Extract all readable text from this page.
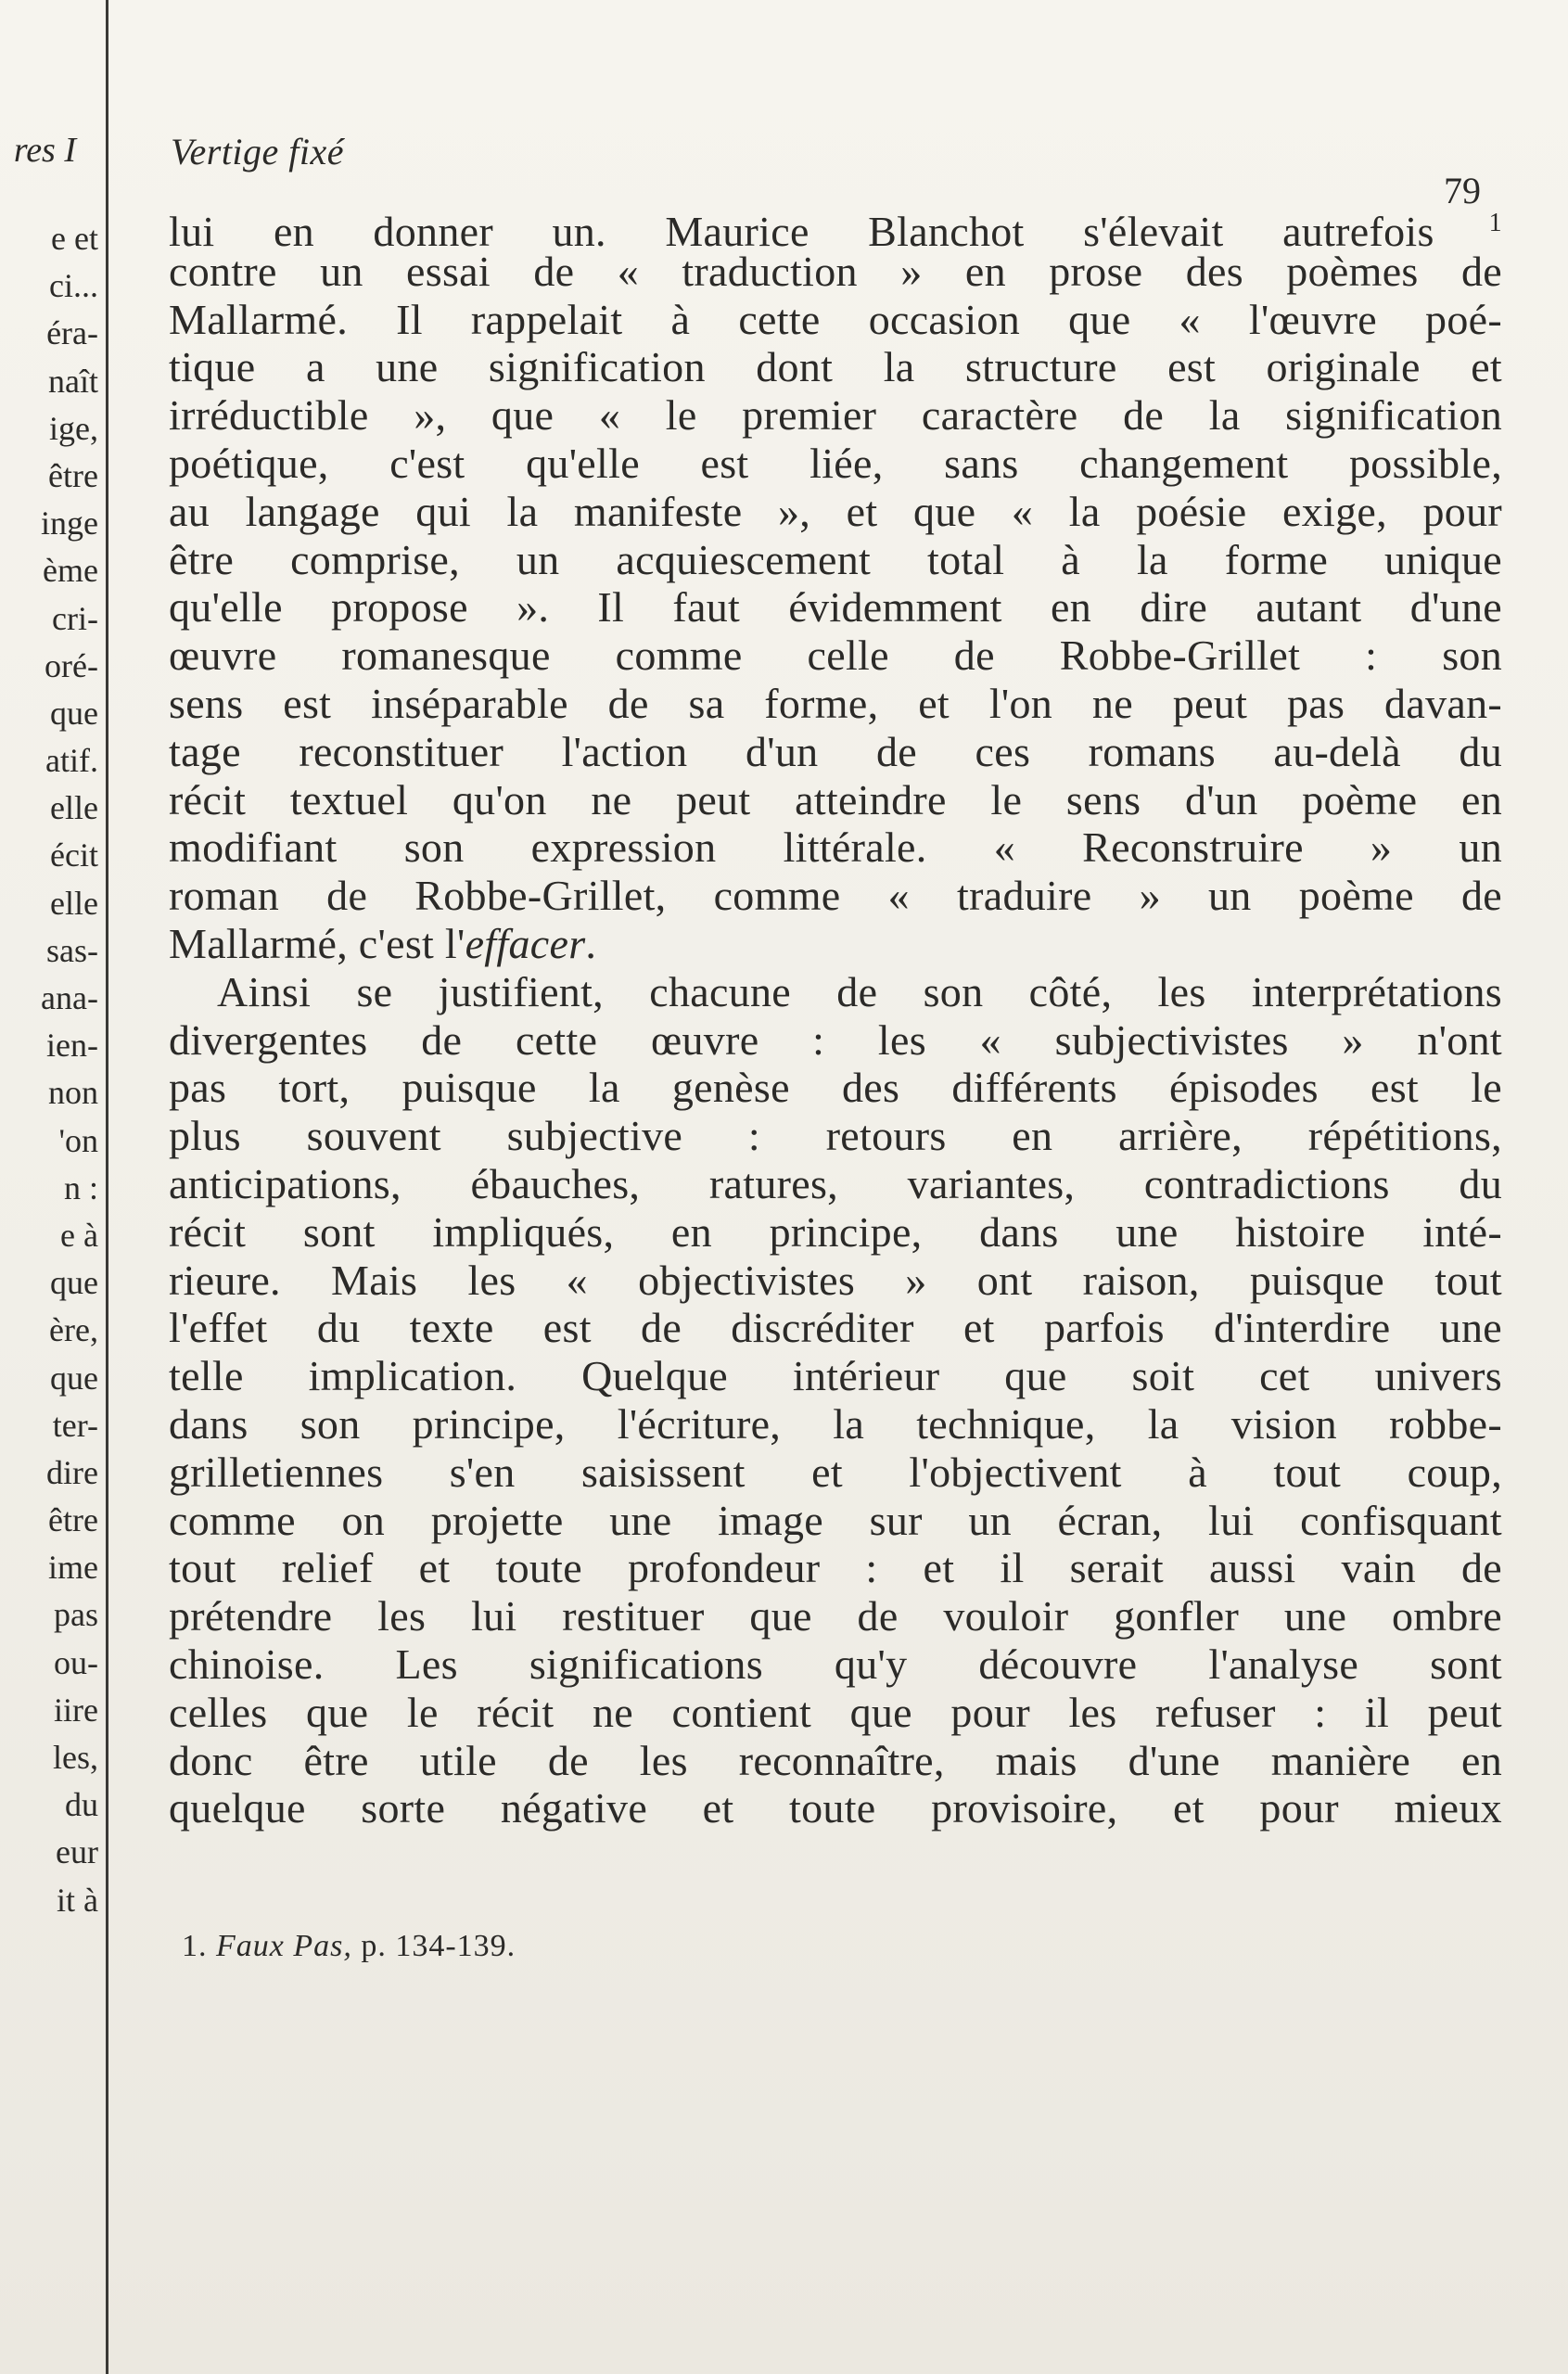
res I
e et
ci...
éra-
naît
ige,
être
inge
ème
cri-
oré-
que
atif.
elle
écit
elle
sas-
ana-
ien-
non
'on
n :
e à
que
ère,
que
ter-
dire
être
ime
pas
ou-
iire
les,
du
eur
it à
Vertige fixé
79
lui en donner un. Maurice Blanchot s'élevait autrefois $^1$
contre un essai de « traduction » en prose des poèmes de
Mallarmé. Il rappelait à cette occasion que « l'œuvre poé-
tique a une signification dont la structure est originale et
irréductible », que « le premier caractère de la signification
poétique, c'est qu'elle est liée, sans changement possible,
au langage qui la manifeste », et que « la poésie exige, pour
être comprise, un acquiescement total à la forme unique
qu'elle propose ». Il faut évidemment en dire autant d'une
œuvre romanesque comme celle de Robbe-Grillet : son
sens est inséparable de sa forme, et l'on ne peut pas davan-
tage reconstituer l'action d'un de ces romans au-delà du
récit textuel qu'on ne peut atteindre le sens d'un poème en
modifiant son expression littérale. « Reconstruire » un
roman de Robbe-Grillet, comme « traduire » un poème de
Mallarmé, c'est l'effacer.
Ainsi se justifient, chacune de son côté, les interprétations
divergentes de cette œuvre : les « subjectivistes » n'ont
pas tort, puisque la genèse des différents épisodes est le
plus souvent subjective : retours en arrière, répétitions,
anticipations, ébauches, ratures, variantes, contradictions du
récit sont impliqués, en principe, dans une histoire inté-
rieure. Mais les « objectivistes » ont raison, puisque tout
l'effet du texte est de discréditer et parfois d'interdire une
telle implication. Quelque intérieur que soit cet univers
dans son principe, l'écriture, la technique, la vision robbe-
grilletiennes s'en saisissent et l'objectivent à tout coup,
comme on projette une image sur un écran, lui confisquant
tout relief et toute profondeur : et il serait aussi vain de
prétendre les lui restituer que de vouloir gonfler une ombre
chinoise. Les significations qu'y découvre l'analyse sont
celles que le récit ne contient que pour les refuser : il peut
donc être utile de les reconnaître, mais d'une manière en
quelque sorte négative et toute provisoire, et pour mieux
1. Faux Pas, p. 134-139.
